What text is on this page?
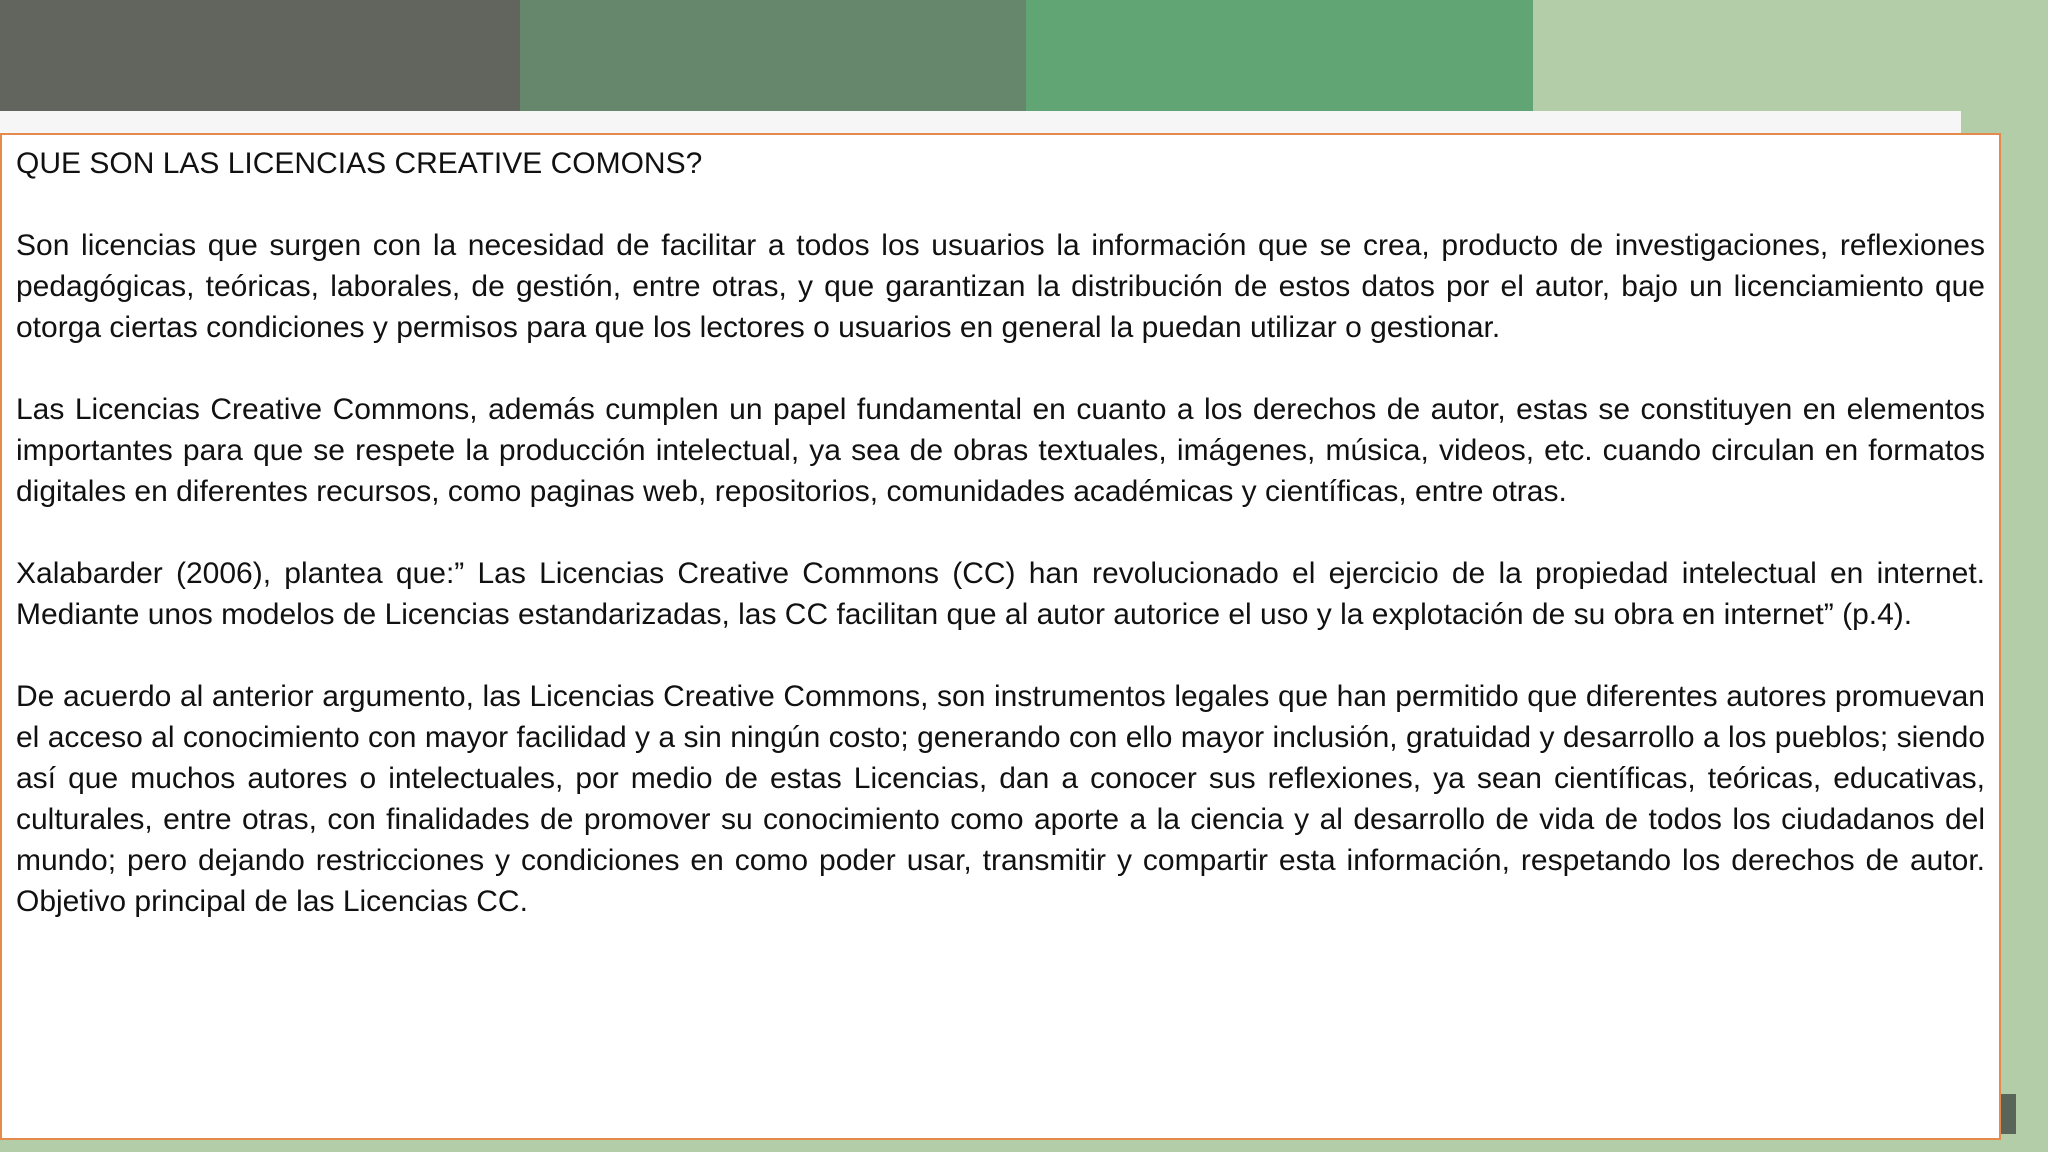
QUE SON LAS LICENCIAS CREATIVE COMONS?

Son licencias que surgen con la necesidad de facilitar a todos los usuarios la información que se crea, producto de investigaciones, reflexiones pedagógicas, teóricas, laborales, de gestión, entre otras, y que garantizan la distribución de estos datos por el autor, bajo un licenciamiento que otorga ciertas condiciones y permisos para que los lectores o usuarios en general la puedan utilizar o gestionar.

Las Licencias Creative Commons, además cumplen un papel fundamental en cuanto a los derechos de autor, estas se constituyen en elementos importantes para que se respete la producción intelectual, ya sea de obras textuales, imágenes, música, videos, etc. cuando circulan en formatos digitales en diferentes recursos, como paginas web, repositorios, comunidades académicas y científicas, entre otras.

Xalabarder (2006), plantea que:” Las Licencias Creative Commons (CC) han revolucionado el ejercicio de la propiedad intelectual en internet. Mediante unos modelos de Licencias estandarizadas, las CC facilitan que al autor autorice el uso y la explotación de su obra en internet” (p.4).

De acuerdo al anterior argumento, las Licencias Creative Commons, son instrumentos legales que han permitido que diferentes autores promuevan el acceso al conocimiento con mayor facilidad y a sin ningún costo; generando con ello mayor inclusión, gratuidad y desarrollo a los pueblos; siendo así que muchos autores o intelectuales, por medio de estas Licencias, dan a conocer sus reflexiones, ya sean científicas, teóricas, educativas, culturales, entre otras, con finalidades de promover su conocimiento como aporte a la ciencia y al desarrollo de vida de todos los ciudadanos del mundo; pero dejando restricciones y condiciones en como poder usar, transmitir y compartir esta información, respetando los derechos de autor. Objetivo principal de las Licencias CC.
